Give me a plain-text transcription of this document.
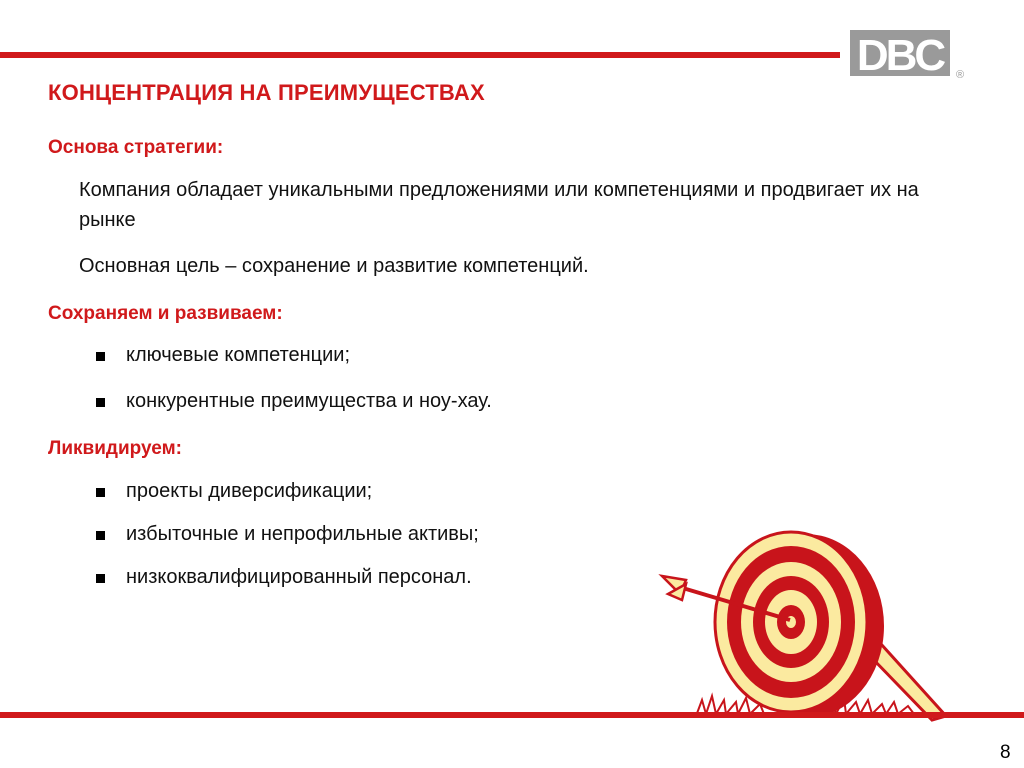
DBC ®
КОНЦЕНТРАЦИЯ НА ПРЕИМУЩЕСТВАХ
Основа стратегии:
Компания обладает уникальными предложениями или компетенциями и продвигает их на рынке
Основная цель – сохранение и развитие компетенций.
Сохраняем и развиваем:
ключевые компетенции;
конкурентные преимущества и ноу-хау.
Ликвидируем:
проекты диверсификации;
избыточные и непрофильные активы;
низкоквалифицированный персонал.
8
